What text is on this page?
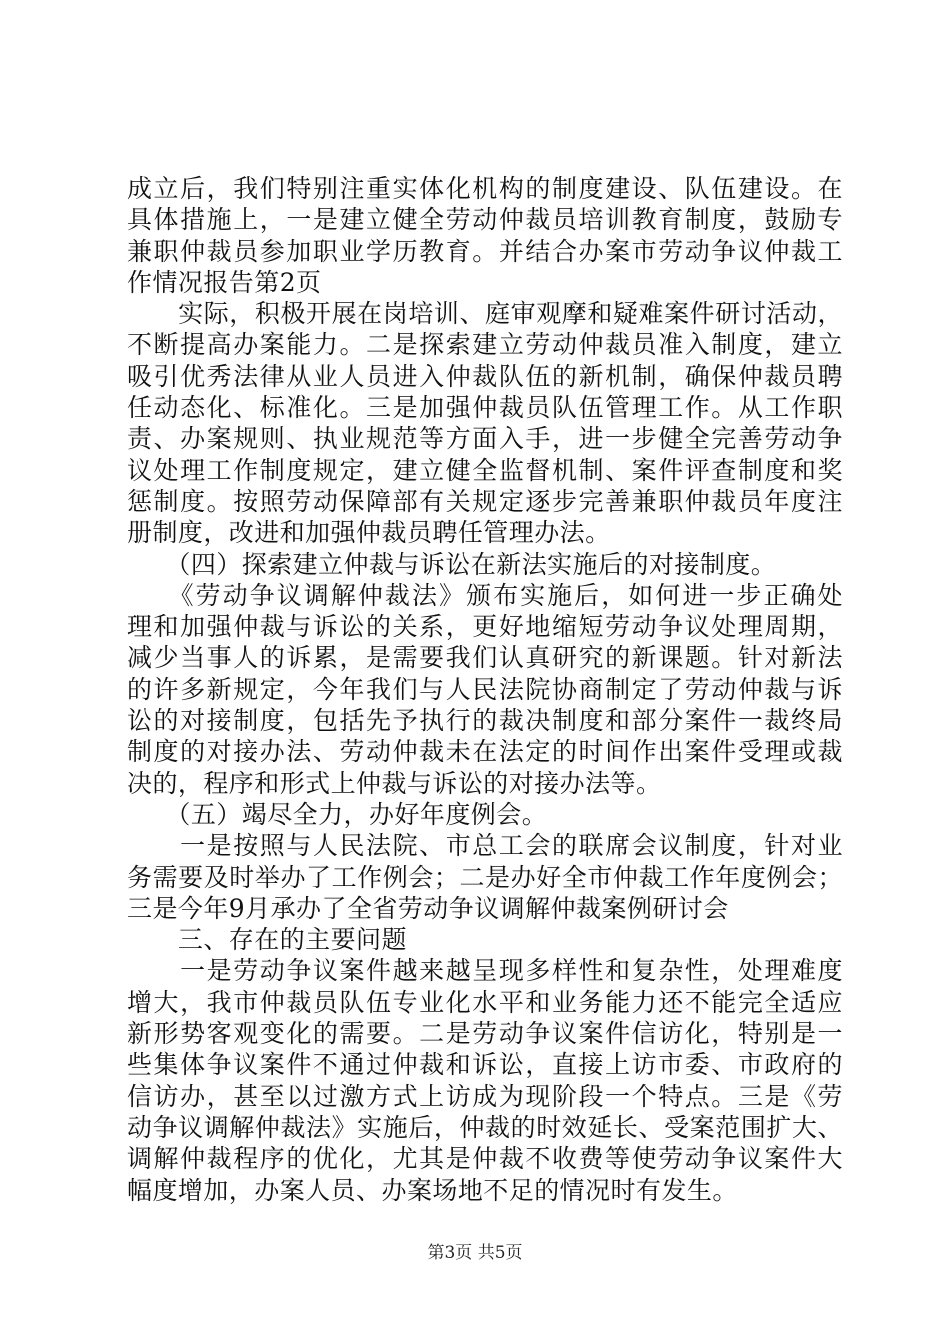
成立后，我们特别注重实体化机构的制度建设、队伍建设。在
具体措施上，一是建立健全劳动仲裁员培训教育制度，鼓励专
兼职仲裁员参加职业学历教育。并结合办案市劳动争议仲裁工
作情况报告第2页
　　实际，积极开展在岗培训、庭审观摩和疑难案件研讨活动，
不断提高办案能力。二是探索建立劳动仲裁员准入制度，建立
吸引优秀法律从业人员进入仲裁队伍的新机制，确保仲裁员聘
任动态化、标准化。三是加强仲裁员队伍管理工作。从工作职
责、办案规则、执业规范等方面入手，进一步健全完善劳动争
议处理工作制度规定，建立健全监督机制、案件评查制度和奖
惩制度。按照劳动保障部有关规定逐步完善兼职仲裁员年度注
册制度，改进和加强仲裁员聘任管理办法。
　　（四）探索建立仲裁与诉讼在新法实施后的对接制度。
　　《劳动争议调解仲裁法》颁布实施后，如何进一步正确处
理和加强仲裁与诉讼的关系，更好地缩短劳动争议处理周期，
减少当事人的诉累，是需要我们认真研究的新课题。针对新法
的许多新规定，今年我们与人民法院协商制定了劳动仲裁与诉
讼的对接制度，包括先予执行的裁决制度和部分案件一裁终局
制度的对接办法、劳动仲裁未在法定的时间作出案件受理或裁
决的，程序和形式上仲裁与诉讼的对接办法等。
　　（五）竭尽全力，办好年度例会。
　　一是按照与人民法院、市总工会的联席会议制度，针对业
务需要及时举办了工作例会；二是办好全市仲裁工作年度例会；
三是今年9月承办了全省劳动争议调解仲裁案例研讨会
　　三、存在的主要问题
　　一是劳动争议案件越来越呈现多样性和复杂性，处理难度
增大，我市仲裁员队伍专业化水平和业务能力还不能完全适应
新形势客观变化的需要。二是劳动争议案件信访化，特别是一
些集体争议案件不通过仲裁和诉讼，直接上访市委、市政府的
信访办，甚至以过激方式上访成为现阶段一个特点。三是《劳
动争议调解仲裁法》实施后，仲裁的时效延长、受案范围扩大、
调解仲裁程序的优化，尤其是仲裁不收费等使劳动争议案件大
幅度增加，办案人员、办案场地不足的情况时有发生。
第3页 共5页
